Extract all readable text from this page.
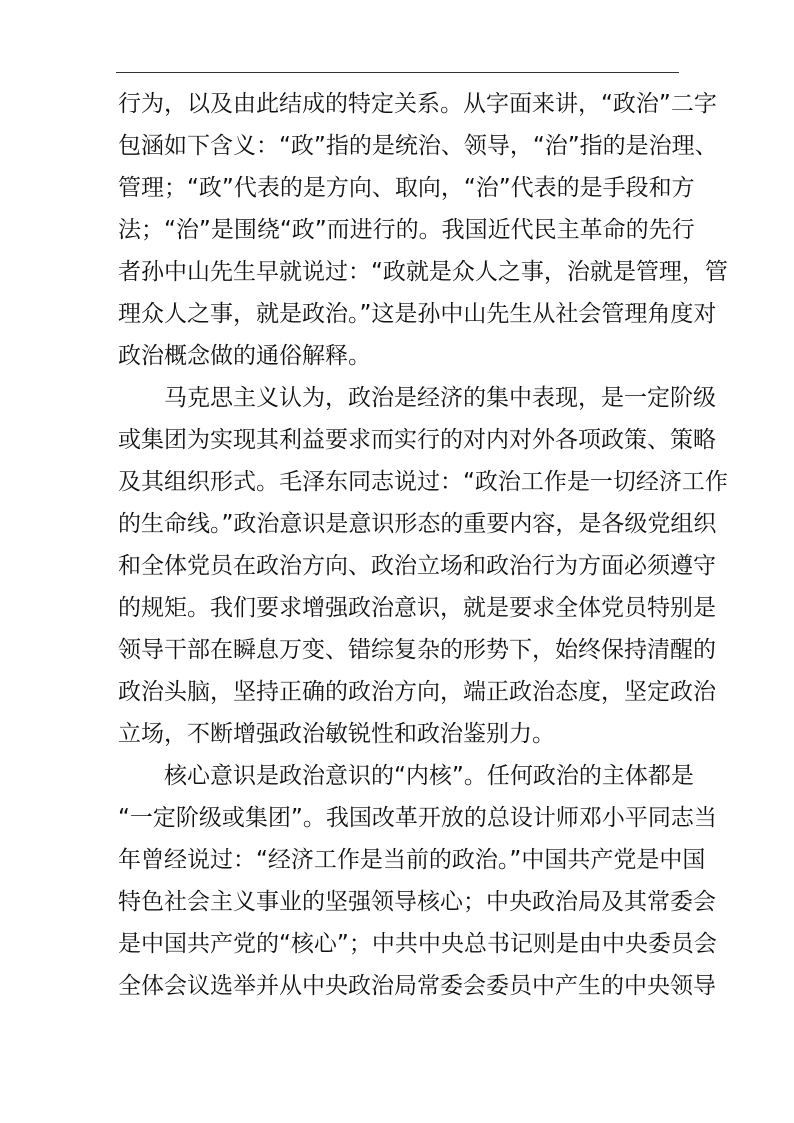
行为，以及由此结成的特定关系。从字面来讲，“政治”二字
包涵如下含义：“政”指的是统治、领导，“治”指的是治理、
管理；“政”代表的是方向、取向，“治”代表的是手段和方
法；“治”是围绕“政”而进行的。我国近代民主革命的先行
者孙中山先生早就说过：“政就是众人之事，治就是管理，管
理众人之事，就是政治。”这是孙中山先生从社会管理角度对
政治概念做的通俗解释。
马克思主义认为，政治是经济的集中表现，是一定阶级
或集团为实现其利益要求而实行的对内对外各项政策、策略
及其组织形式。毛泽东同志说过：“政治工作是一切经济工作
的生命线。”政治意识是意识形态的重要内容，是各级党组织
和全体党员在政治方向、政治立场和政治行为方面必须遵守
的规矩。我们要求增强政治意识，就是要求全体党员特别是
领导干部在瞬息万变、错综复杂的形势下，始终保持清醒的
政治头脑，坚持正确的政治方向，端正政治态度，坚定政治
立场，不断增强政治敏锐性和政治鉴别力。
核心意识是政治意识的“内核”。任何政治的主体都是
“一定阶级或集团”。我国改革开放的总设计师邓小平同志当
年曾经说过：“经济工作是当前的政治。”中国共产党是中国
特色社会主义事业的坚强领导核心；中央政治局及其常委会
是中国共产党的“核心”；中共中央总书记则是由中央委员会
全体会议选举并从中央政治局常委会委员中产生的中央领导
